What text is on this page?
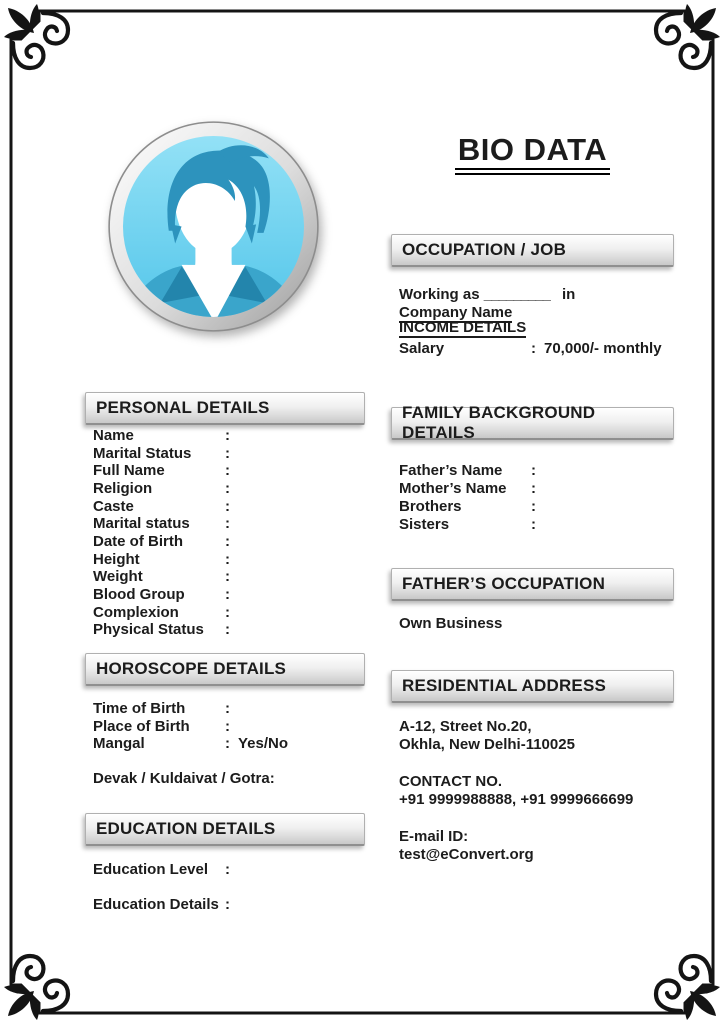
BIO DATA
OCCUPATION / JOB
Working as _________ in Company Name
INCOME DETAILS
Salary	: 70,000/- monthly
PERSONAL DETAILS
Name	:
Marital Status	:
Full Name	:
Religion	:
Caste	:
Marital status	:
Date of Birth	:
Height	:
Weight	:
Blood Group	:
Complexion	:
Physical Status	:
FAMILY BACKGROUND DETAILS
Father’s Name	:
Mother’s Name	:
Brothers	:
Sisters	:
FATHER’S OCCUPATION
Own Business
HOROSCOPE DETAILS
Time of Birth	:
Place of Birth	:
Mangal	: Yes/No
Devak / Kuldaivat / Gotra:
RESIDENTIAL ADDRESS
A-12, Street No.20,
Okhla, New Delhi-110025
CONTACT NO.
+91 9999988888, +91 9999666699
E-mail ID:
test@eConvert.org
EDUCATION DETAILS
Education Level	:
Education Details :
